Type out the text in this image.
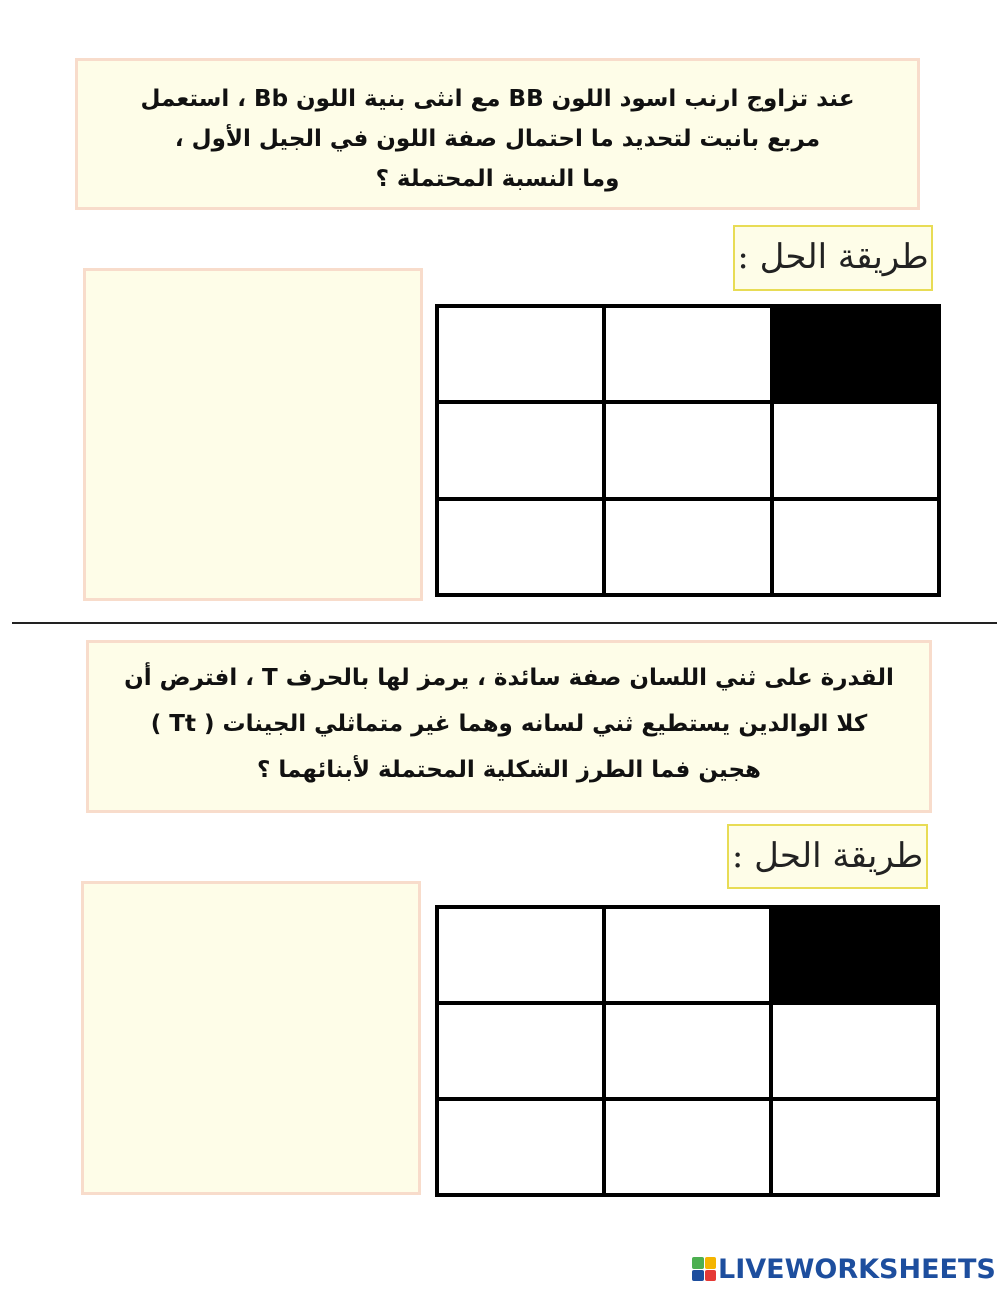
عند تزاوج ارنب اسود اللون BB مع انثى بنية اللون Bb ، استعمل
مربع بانيت لتحديد ما احتمال صفة اللون في الجيل الأول ،
وما النسبة المحتملة ؟
طريقة الحل :
القدرة على ثني اللسان صفة سائدة ، يرمز لها بالحرف T ، افترض أن
كلا الوالدين يستطيع ثني لسانه وهما غير متماثلي الجينات ( Tt )
هجين فما الطرز الشكلية المحتملة لأبنائهما ؟
طريقة الحل :
LIVEWORKSHEETS
